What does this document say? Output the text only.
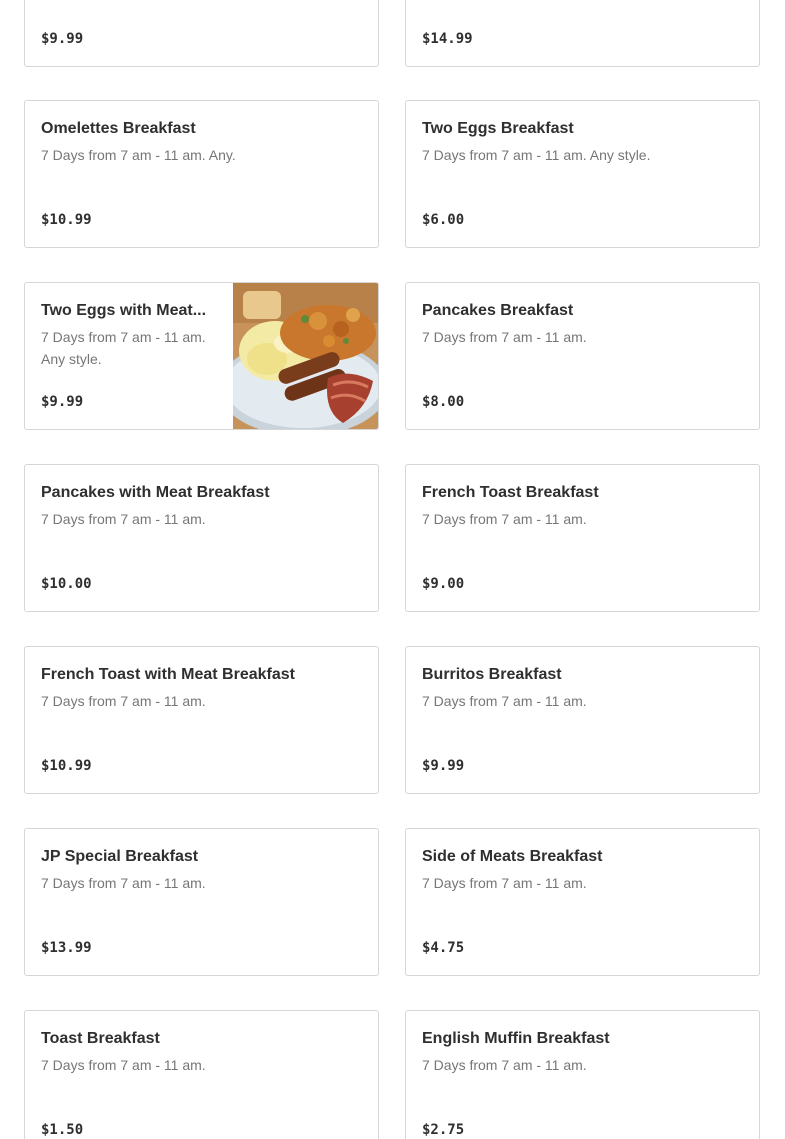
$9.99	$14.99
Omelettes Breakfast
7 Days from 7 am - 11 am. Any.
$10.99
Two Eggs Breakfast
7 Days from 7 am - 11 am. Any style.
$6.00
Two Eggs with Meat...
7 Days from 7 am - 11 am. Any style.
$9.99
Pancakes Breakfast
7 Days from 7 am - 11 am.
$8.00
Pancakes with Meat Breakfast
7 Days from 7 am - 11 am.
$10.00
French Toast Breakfast
7 Days from 7 am - 11 am.
$9.00
French Toast with Meat Breakfast
7 Days from 7 am - 11 am.
$10.99
Burritos Breakfast
7 Days from 7 am - 11 am.
$9.99
JP Special Breakfast
7 Days from 7 am - 11 am.
$13.99
Side of Meats Breakfast
7 Days from 7 am - 11 am.
$4.75
Toast Breakfast
7 Days from 7 am - 11 am.
$1.50
English Muffin Breakfast
7 Days from 7 am - 11 am.
$2.75
